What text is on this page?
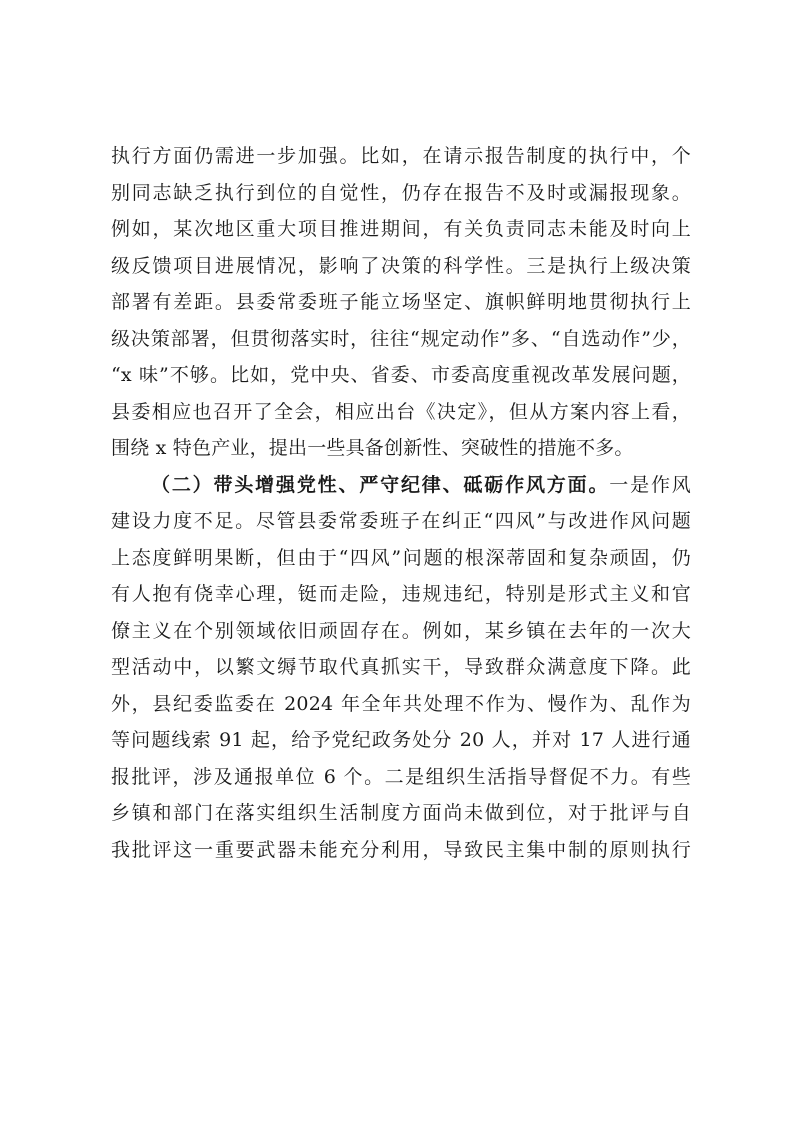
执行方面仍需进一步加强。比如，在请示报告制度的执行中，个
别同志缺乏执行到位的自觉性，仍存在报告不及时或漏报现象。
例如，某次地区重大项目推进期间，有关负责同志未能及时向上
级反馈项目进展情况，影响了决策的科学性。三是执行上级决策
部署有差距。县委常委班子能立场坚定、旗帜鲜明地贯彻执行上
级决策部署，但贯彻落实时，往往“规定动作”多、“自选动作”少，
“x 味”不够。比如，党中央、省委、市委高度重视改革发展问题，
县委相应也召开了全会，相应出台《决定》，但从方案内容上看，
围绕 x 特色产业，提出一些具备创新性、突破性的措施不多。
（二）带头增强党性、严守纪律、砥砺作风方面。一是作风
建设力度不足。尽管县委常委班子在纠正“四风”与改进作风问题
上态度鲜明果断，但由于“四风”问题的根深蒂固和复杂顽固，仍
有人抱有侥幸心理，铤而走险，违规违纪，特别是形式主义和官
僚主义在个别领域依旧顽固存在。例如，某乡镇在去年的一次大
型活动中，以繁文缛节取代真抓实干，导致群众满意度下降。此
外，县纪委监委在 2024 年全年共处理不作为、慢作为、乱作为
等问题线索 91 起，给予党纪政务处分 20 人，并对 17 人进行通
报批评，涉及通报单位 6 个。二是组织生活指导督促不力。有些
乡镇和部门在落实组织生活制度方面尚未做到位，对于批评与自
我批评这一重要武器未能充分利用，导致民主集中制的原则执行
